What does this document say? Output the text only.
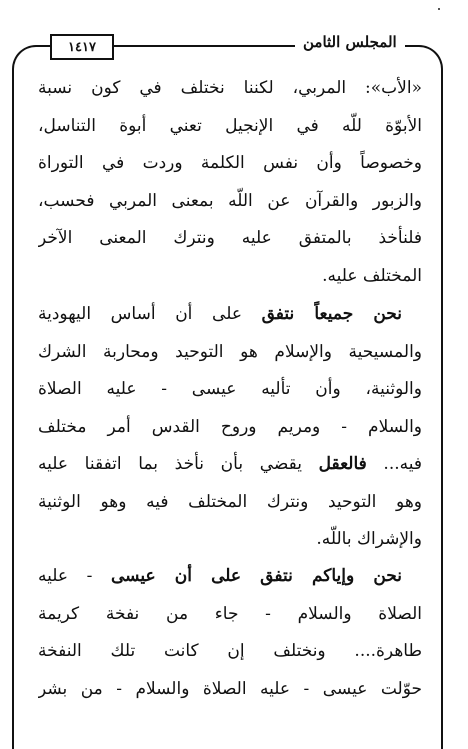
المجلس الثامن
١٤١٧
«الأب»: المربي، لكننا نختلف في كون نسبة
الأبوّة للّه في الإنجيل تعني أبوة التناسل،
وخصوصاً وأن نفس الكلمة وردت في التوراة
والزبور والقرآن عن اللّه بمعنى المربي فحسب،
فلنأخذ بالمتفق عليه ونترك المعنى الآخر
المختلف عليه.
نحن جميعاً نتفق على أن أساس اليهودية
والمسيحية والإسلام هو التوحيد ومحاربة الشرك
والوثنية، وأن تأليه عيسى - عليه الصلاة
والسلام - ومريم وروح القدس أمر مختلف
فيه... فالعقل يقضي بأن نأخذ بما اتفقنا عليه
وهو التوحيد ونترك المختلف فيه وهو الوثنية
والإشراك باللّه.
نحن وإياكم نتفق على أن عيسى - عليه
الصلاة والسلام - جاء من نفخة كريمة
طاهرة.... ونختلف إن كانت تلك النفخة
حوّلت عيسى - عليه الصلاة والسلام - من بشر
